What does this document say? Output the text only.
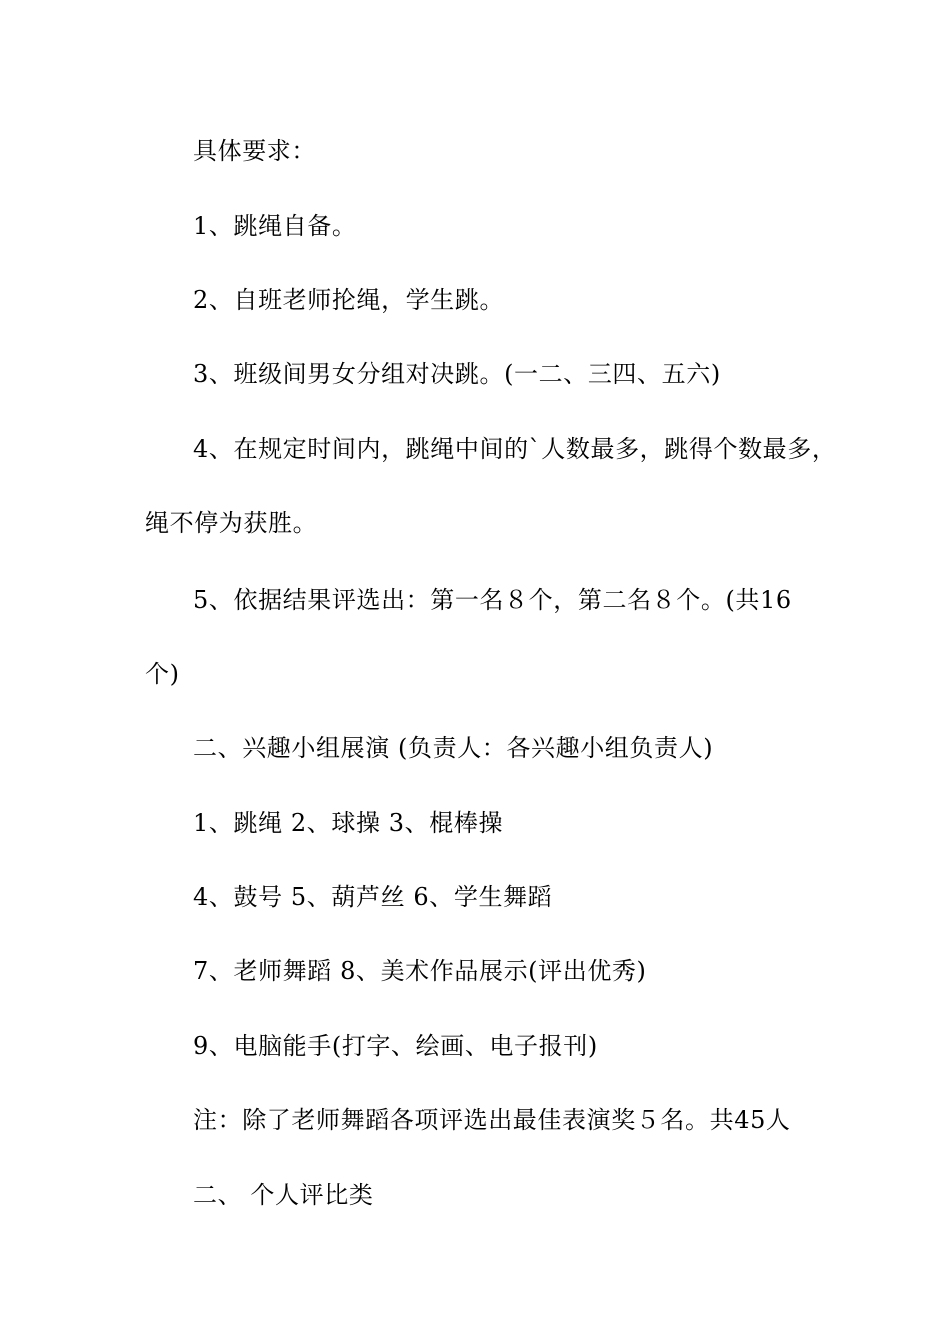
具体要求：
1、跳绳自备。
2、自班老师抡绳，学生跳。
3、班级间男女分组对决跳。(一二、三四、五六)
4、在规定时间内，跳绳中间的`人数最多，跳得个数最多，
绳不停为获胜。
5、依据结果评选出：第一名８个，第二名８个。(共16
个)
二、兴趣小组展演 (负责人：各兴趣小组负责人)
1、跳绳 2、球操 3、棍棒操
4、鼓号 5、葫芦丝 6、学生舞蹈
7、老师舞蹈 8、美术作品展示(评出优秀)
9、电脑能手(打字、绘画、电子报刊)
注：除了老师舞蹈各项评选出最佳表演奖５名。共45人
二、 个人评比类
